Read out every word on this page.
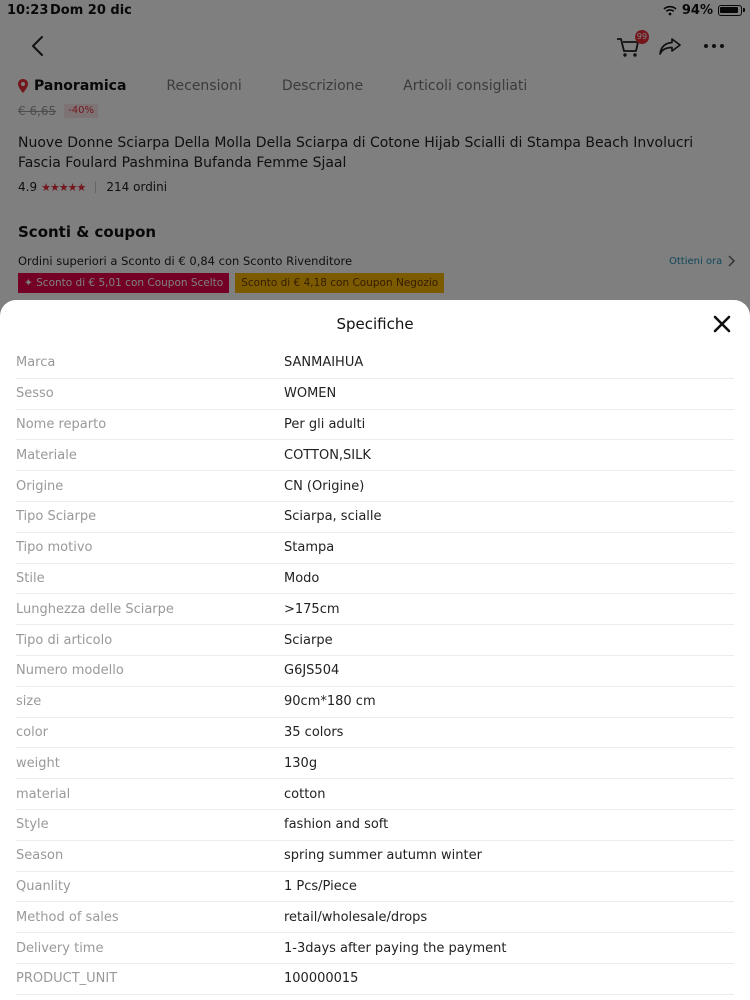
Specifiche
Marca	SANMAIHUA
Sesso	WOMEN
Nome reparto	Per gli adulti
Materiale	COTTON,SILK
Origine	CN (Origine)
Tipo Sciarpe	Sciarpa, scialle
Tipo motivo	Stampa
Stile	Modo
Lunghezza delle Sciarpe	>175cm
Tipo di articolo	Sciarpe
Numero modello	G6JS504
size	90cm*180 cm
color	35 colors
weight	130g
material	cotton
Style	fashion and soft
Season	spring summer autumn winter
Quanlity	1 Pcs/Piece
Method of sales	retail/wholesale/drops
Delivery time	1-3days after paying the payment
PRODUCT_UNIT	100000015
